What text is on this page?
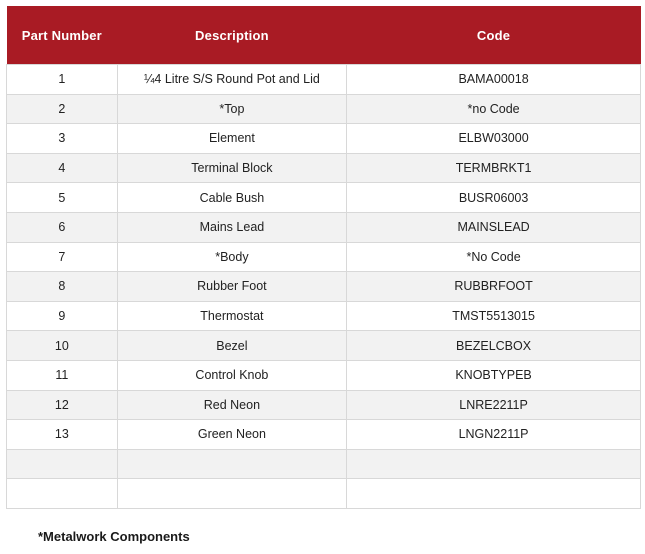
Part Number	Description	Code
1	¼4 Litre S/S Round Pot and Lid	BAMA00018
2	*Top	*no Code
3	Element	ELBW03000
4	Terminal Block	TERMBRKT1
5	Cable Bush	BUSR06003
6	Mains Lead	MAINSLEAD
7	*Body	*No Code
8	Rubber Foot	RUBBRFOOT
9	Thermostat	TMST5513015
10	Bezel	BEZELCBOX
11	Control Knob	KNOBTYPEB
12	Red Neon	LNRE2211P
13	Green Neon	LNGN2211P

*Metalwork Components
